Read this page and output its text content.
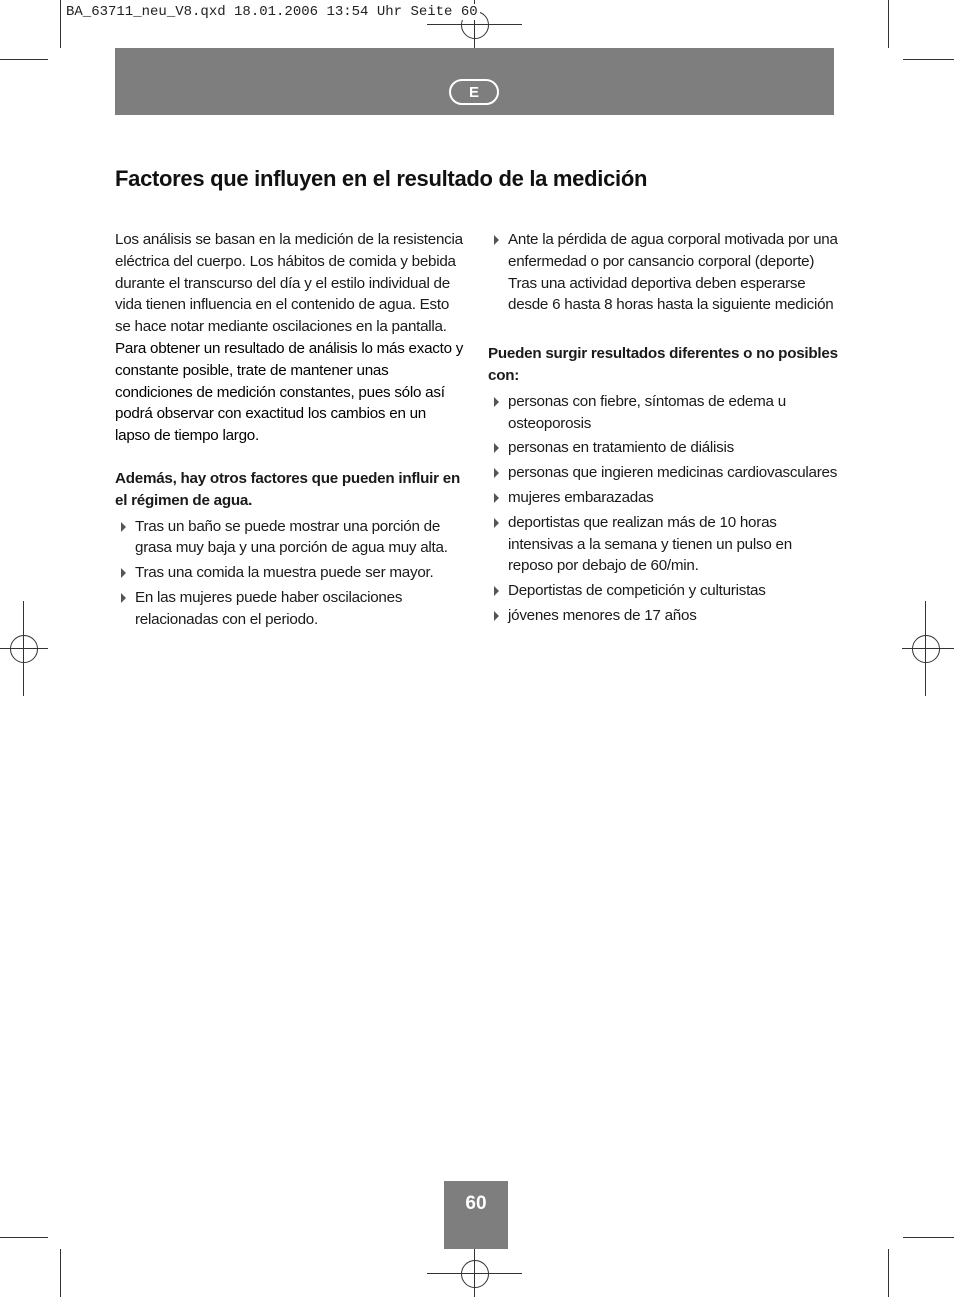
BA_63711_neu_V8.qxd 18.01.2006 13:54 Uhr Seite 60
E
Factores que influyen en el resultado de la medición

Los análisis se basan en la medición de la resistencia eléctrica del cuerpo. Los hábitos de comida y bebida durante el transcurso del día y el estilo individual de vida tienen influencia en el contenido de agua. Esto se hace notar mediante oscilaciones en la pantalla. Para obtener un resultado de análisis lo más exacto y constante posible, trate de mantener unas condiciones de medición constantes, pues sólo así podrá observar con exactitud los cambios en un lapso de tiempo largo.

Además, hay otros factores que pueden influir en el régimen de agua.

Tras un baño se puede mostrar una porción de grasa muy baja y una porción de agua muy alta.
Tras una comida la muestra puede ser mayor.
En las mujeres puede haber oscilaciones relacionadas con el periodo.
Ante la pérdida de agua corporal motivada por una enfermedad o por cansancio corporal (deporte) Tras una actividad deportiva deben esperarse desde 6 hasta 8 horas hasta la siguiente medición

Pueden surgir resultados diferentes o no posibles con:

personas con fiebre, síntomas de edema u osteoporosis
personas en tratamiento de diálisis
personas que ingieren medicinas cardiovasculares
mujeres embarazadas
deportistas que realizan más de 10 horas intensivas a la semana y tienen un pulso en reposo por debajo de 60/min.
Deportistas de competición y culturistas
jóvenes menores de 17 años
60
